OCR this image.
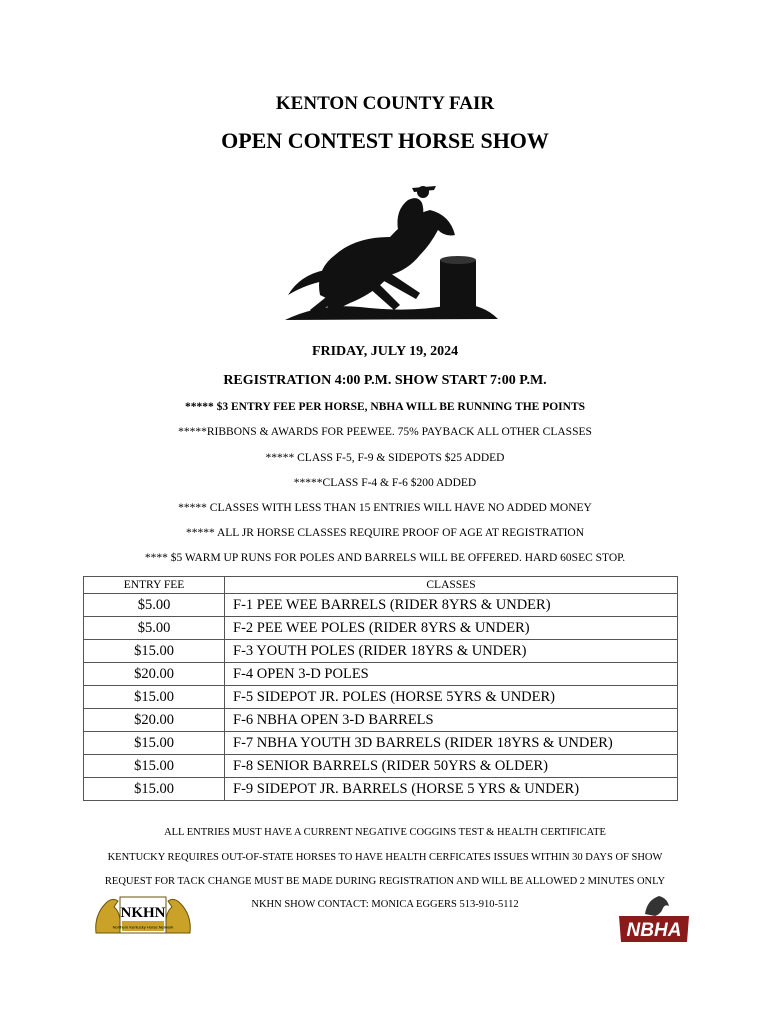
KENTON COUNTY FAIR
OPEN CONTEST HORSE SHOW
FRIDAY, JULY 19, 2024
REGISTRATION 4:00 P.M. SHOW START 7:00 P.M.
***** $3 ENTRY FEE PER HORSE, NBHA WILL BE RUNNING THE POINTS
*****RIBBONS & AWARDS FOR PEEWEE. 75% PAYBACK ALL OTHER CLASSES
***** CLASS F-5, F-9 & SIDEPOTS $25 ADDED
*****CLASS F-4 & F-6 $200 ADDED
***** CLASSES WITH LESS THAN 15 ENTRIES WILL HAVE NO ADDED MONEY
***** ALL JR HORSE CLASSES REQUIRE PROOF OF AGE AT REGISTRATION
**** $5 WARM UP RUNS FOR POLES AND BARRELS WILL BE OFFERED. HARD 60SEC STOP.
ENTRY FEE	CLASSES
$5.00	F-1 PEE WEE BARRELS (RIDER 8YRS & UNDER)
$5.00	F-2 PEE WEE POLES (RIDER 8YRS & UNDER)
$15.00	F-3 YOUTH POLES (RIDER 18YRS & UNDER)
$20.00	F-4 OPEN 3-D POLES
$15.00	F-5 SIDEPOT JR. POLES (HORSE 5YRS & UNDER)
$20.00	F-6 NBHA OPEN 3-D BARRELS
$15.00	F-7 NBHA YOUTH 3D BARRELS (RIDER 18YRS & UNDER)
$15.00	F-8 SENIOR BARRELS (RIDER 50YRS & OLDER)
$15.00	F-9 SIDEPOT JR. BARRELS (HORSE 5 YRS & UNDER)
ALL ENTRIES MUST HAVE A CURRENT NEGATIVE COGGINS TEST & HEALTH CERTIFICATE
KENTUCKY REQUIRES OUT-OF-STATE HORSES TO HAVE HEALTH CERFICATES ISSUES WITHIN 30 DAYS OF SHOW
REQUEST FOR TACK CHANGE MUST BE MADE DURING REGISTRATION AND WILL BE ALLOWED 2 MINUTES ONLY
NKHN SHOW CONTACT: MONICA EGGERS 513-910-5112
NKHN
Northern Kentucky Horse Network	NBHA
